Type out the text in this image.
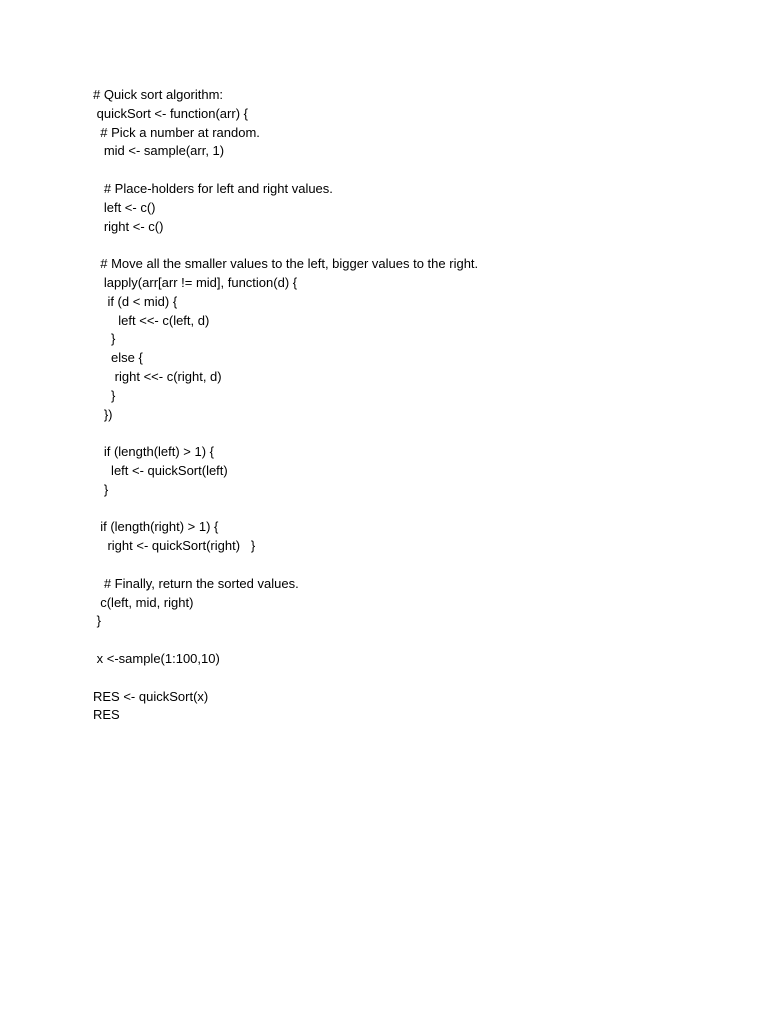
# Quick sort algorithm:
quickSort <- function(arr) {
# Pick a number at random.
mid <- sample(arr, 1)
# Place-holders for left and right values.
left <- c()
right <- c()
# Move all the smaller values to the left, bigger values to the right.
lapply(arr[arr != mid], function(d) {
if (d < mid) {
left <<- c(left, d)
}
else {
right <<- c(right, d)
}
})
if (length(left) > 1) {
left <- quickSort(left)
}
if (length(right) > 1) {
right <- quickSort(right)   }
# Finally, return the sorted values.
c(left, mid, right)
}
x <-sample(1:100,10)
RES <- quickSort(x)
RES
